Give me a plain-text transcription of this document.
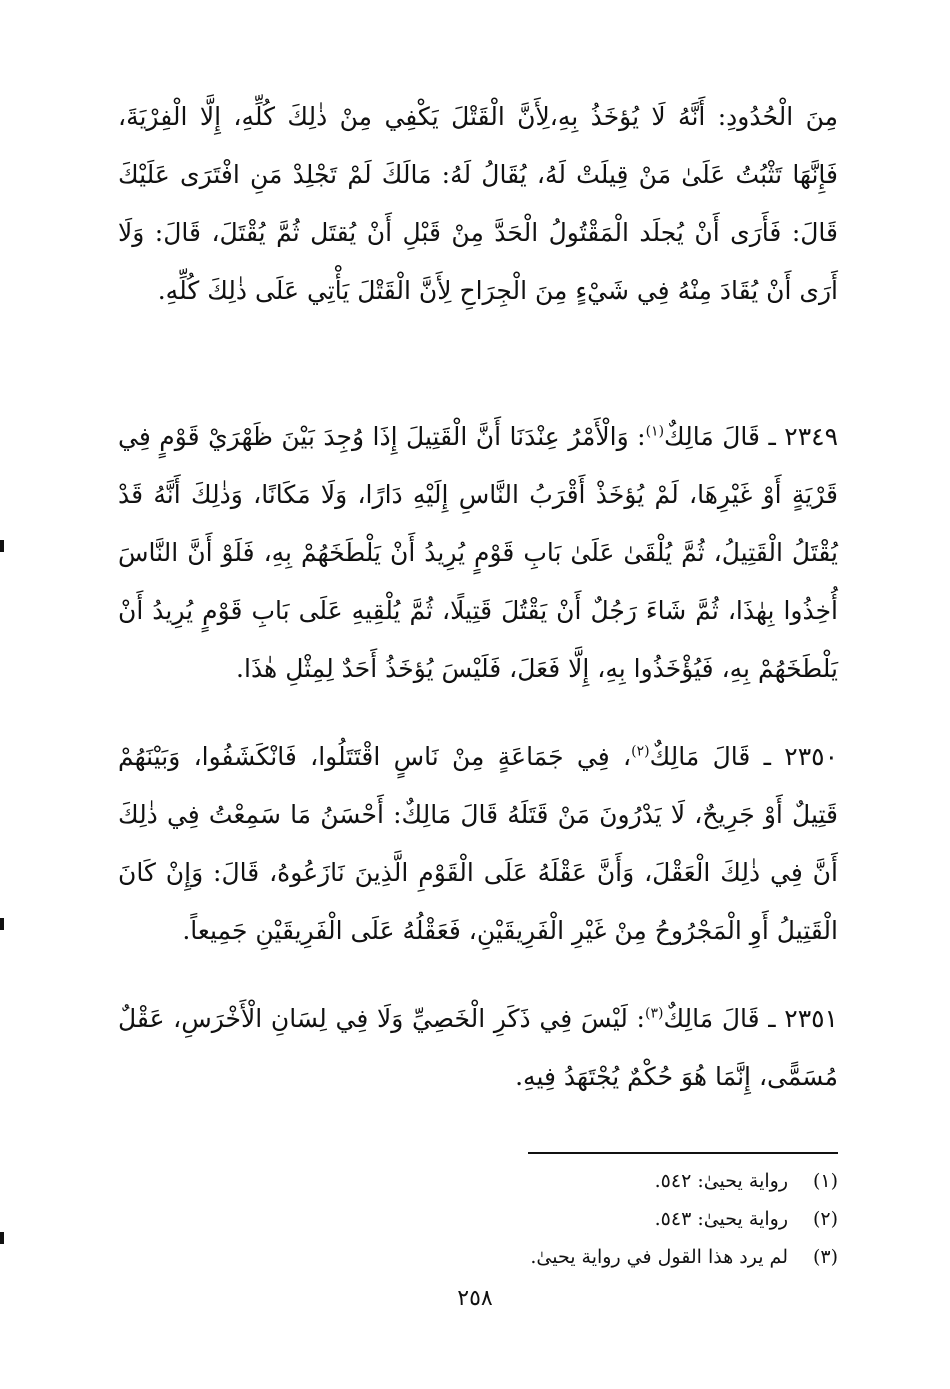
مِنَ الْحُدُودِ: أَنَّهُ لَا يُؤخَذُ بِهِ،لِأَنَّ الْقَتْلَ يَكْفِي مِنْ ذٰلِكَ كُلِّهِ، إِلَّا الْفِرْيَةَ، فَإِنَّهَا تَثْبُتُ عَلَىٰ مَنْ قِيلَتْ لَهُ، يُقَالُ لَهُ: مَالَكَ لَمْ تَجْلِدْ مَنِ افْتَرَى عَلَيْكَ قَالَ: فَأَرَى أَنْ يُجلَد الْمَقْتُولُ الْحَدَّ مِنْ قَبْلِ أَنْ يُقتَل ثُمَّ يُقْتَلَ، قَالَ: وَلَا أَرَى أَنْ يُقَادَ مِنْهُ فِي شَيْءٍ مِنَ الْجِرَاحِ لِأَنَّ الْقَتْلَ يَأْتِي عَلَى ذٰلِكَ كُلِّهِ.

٢٣٤٩ ـ قَالَ مَالِكٌ$^{(١)}$: وَالْأَمْرُ عِنْدَنَا أَنَّ الْقَتِيلَ إِذَا وُجِدَ بَيْنَ ظَهْرَيْ قَوْمٍ فِي قَرْيَةٍ أَوْ غَيْرِهَا، لَمْ يُؤخَذْ أَقْرَبُ النَّاسِ إِلَيْهِ دَارًا، وَلَا مَكَانًا، وَذٰلِكَ أَنَّهُ قَدْ يُقْتَلُ الْقَتِيلُ، ثُمَّ يُلْقَىٰ عَلَىٰ بَابِ قَوْمٍ يُرِيدُ أَنْ يَلْطَخَهُمْ بِهِ، فَلَوْ أَنَّ النَّاسَ أُخِذُوا بِهٰذَا، ثُمَّ شَاءَ رَجُلٌ أَنْ يَقْتُلَ قَتِيلًا، ثُمَّ يُلْقِيهِ عَلَى بَابِ قَوْمٍ يُرِيدُ أَنْ يَلْطَخَهُمْ بِهِ، فَيُؤْخَذُوا بِهِ، إِلَّا فَعَلَ، فَلَيْسَ يُؤخَذُ أَحَدٌ لِمِثْلِ هٰذَا.

٢٣٥٠ ـ قَالَ مَالِكٌ$^{(٢)}$، فِي جَمَاعَةٍ مِنْ نَاسٍ اقْتَتَلُوا، فَانْكَشَفُوا، وَبَيْنَهُمْ قَتِيلٌ أَوْ جَرِيحٌ، لَا يَدْرُونَ مَنْ قَتَلَهُ قَالَ مَالِكٌ: أَحْسَنُ مَا سَمِعْتُ فِي ذٰلِكَ أَنَّ فِي ذٰلِكَ الْعَقْلَ، وَأَنَّ عَقْلَهُ عَلَى الْقَوْمِ الَّذِينَ نَازَعُوهُ، قَالَ: وَإِنْ كَانَ الْقَتِيلُ أَوِ الْمَجْرُوحُ مِنْ غَيْرِ الْفَرِيقَيْنِ، فَعَقْلُهُ عَلَى الْفَرِيقَيْنِ جَمِيعاً.

٢٣٥١ ـ قَالَ مَالِكٌ$^{(٣)}$: لَيْسَ فِي ذَكَرِ الْخَصِيِّ وَلَا فِي لِسَانِ الْأَخْرَسِ، عَقْلٌ مُسَمًّى، إِنَّمَا هُوَ حُكْمٌ يُجْتَهَدُ فِيهِ.

(١)رواية يحيىٰ: ٥٤٢.
(٢)رواية يحيىٰ: ٥٤٣.
(٣)لم يرد هذا القول في رواية يحيىٰ.
٢٥٨
